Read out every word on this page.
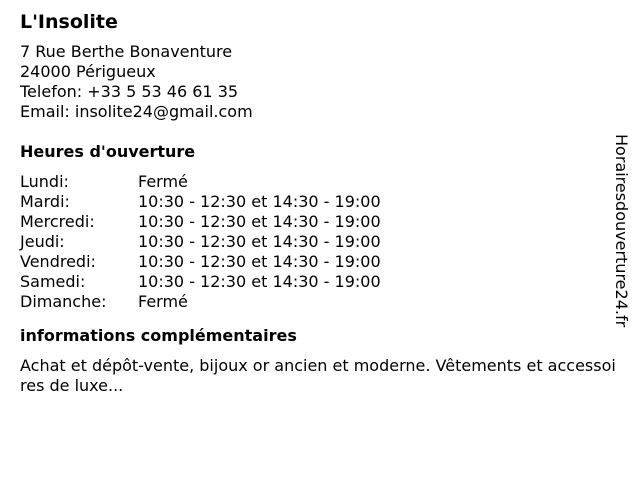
L'Insolite
7 Rue Berthe Bonaventure
24000 Périgueux
Telefon: +33 5 53 46 61 35
Email: insolite24@gmail.com
Heures d'ouverture
Lundi:	Fermé
Mardi:	10:30 - 12:30 et 14:30 - 19:00
Mercredi:	10:30 - 12:30 et 14:30 - 19:00
Jeudi:	10:30 - 12:30 et 14:30 - 19:00
Vendredi:	10:30 - 12:30 et 14:30 - 19:00
Samedi:	10:30 - 12:30 et 14:30 - 19:00
Dimanche:	Fermé
informations complémentaires
Achat et dépôt-vente, bijoux or ancien et moderne. Vêtements et accessoires de luxe...
Horairesdouverture24.fr
